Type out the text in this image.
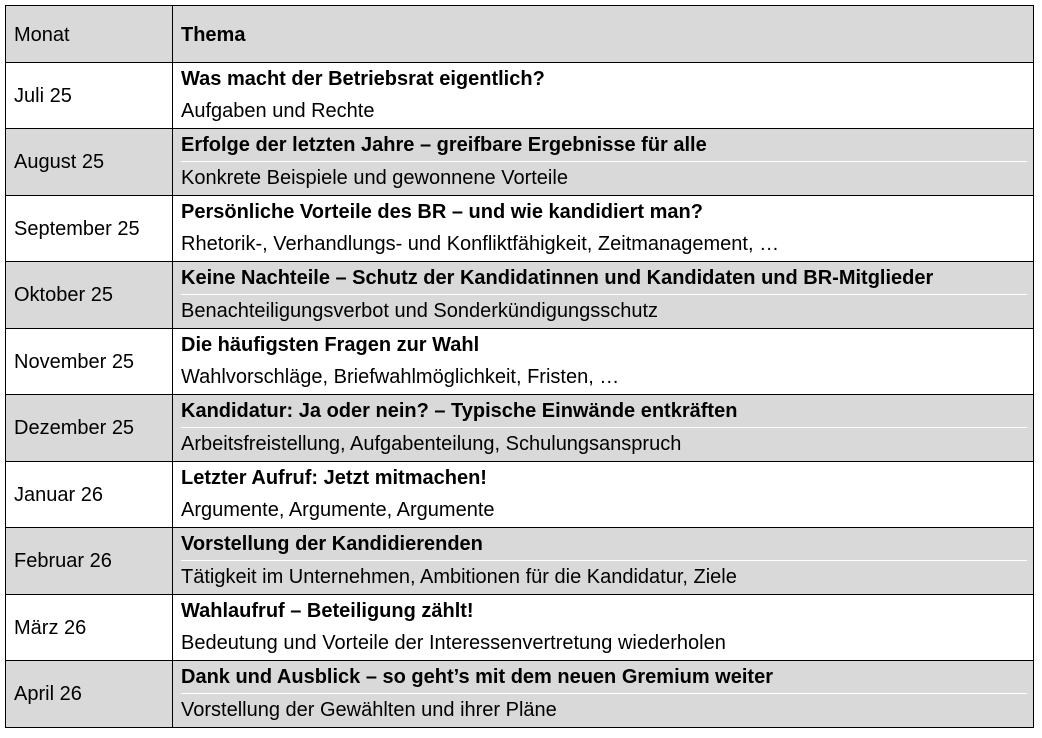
Monat	Thema
Juli 25	Was macht der Betriebsrat eigentlich?
Aufgaben und Rechte

August 25	Erfolge der letzten Jahre – greifbare Ergebnisse für alle
Konkrete Beispiele und gewonnene Vorteile

September 25	Persönliche Vorteile des BR – und wie kandidiert man?
Rhetorik-, Verhandlungs- und Konfliktfähigkeit, Zeitmanagement, …

Oktober 25	Keine Nachteile – Schutz der Kandidatinnen und Kandidaten und BR-Mitglieder
Benachteiligungsverbot und Sonderkündigungsschutz

November 25	Die häufigsten Fragen zur Wahl
Wahlvorschläge, Briefwahlmöglichkeit, Fristen, …

Dezember 25	Kandidatur: Ja oder nein? – Typische Einwände entkräften
Arbeitsfreistellung, Aufgabenteilung, Schulungsanspruch

Januar 26	Letzter Aufruf: Jetzt mitmachen!
Argumente, Argumente, Argumente

Februar 26	Vorstellung der Kandidierenden
Tätigkeit im Unternehmen, Ambitionen für die Kandidatur, Ziele

März 26	Wahlaufruf – Beteiligung zählt!
Bedeutung und Vorteile der Interessenvertretung wiederholen

April 26	Dank und Ausblick – so geht’s mit dem neuen Gremium weiter
Vorstellung der Gewählten und ihrer Pläne
